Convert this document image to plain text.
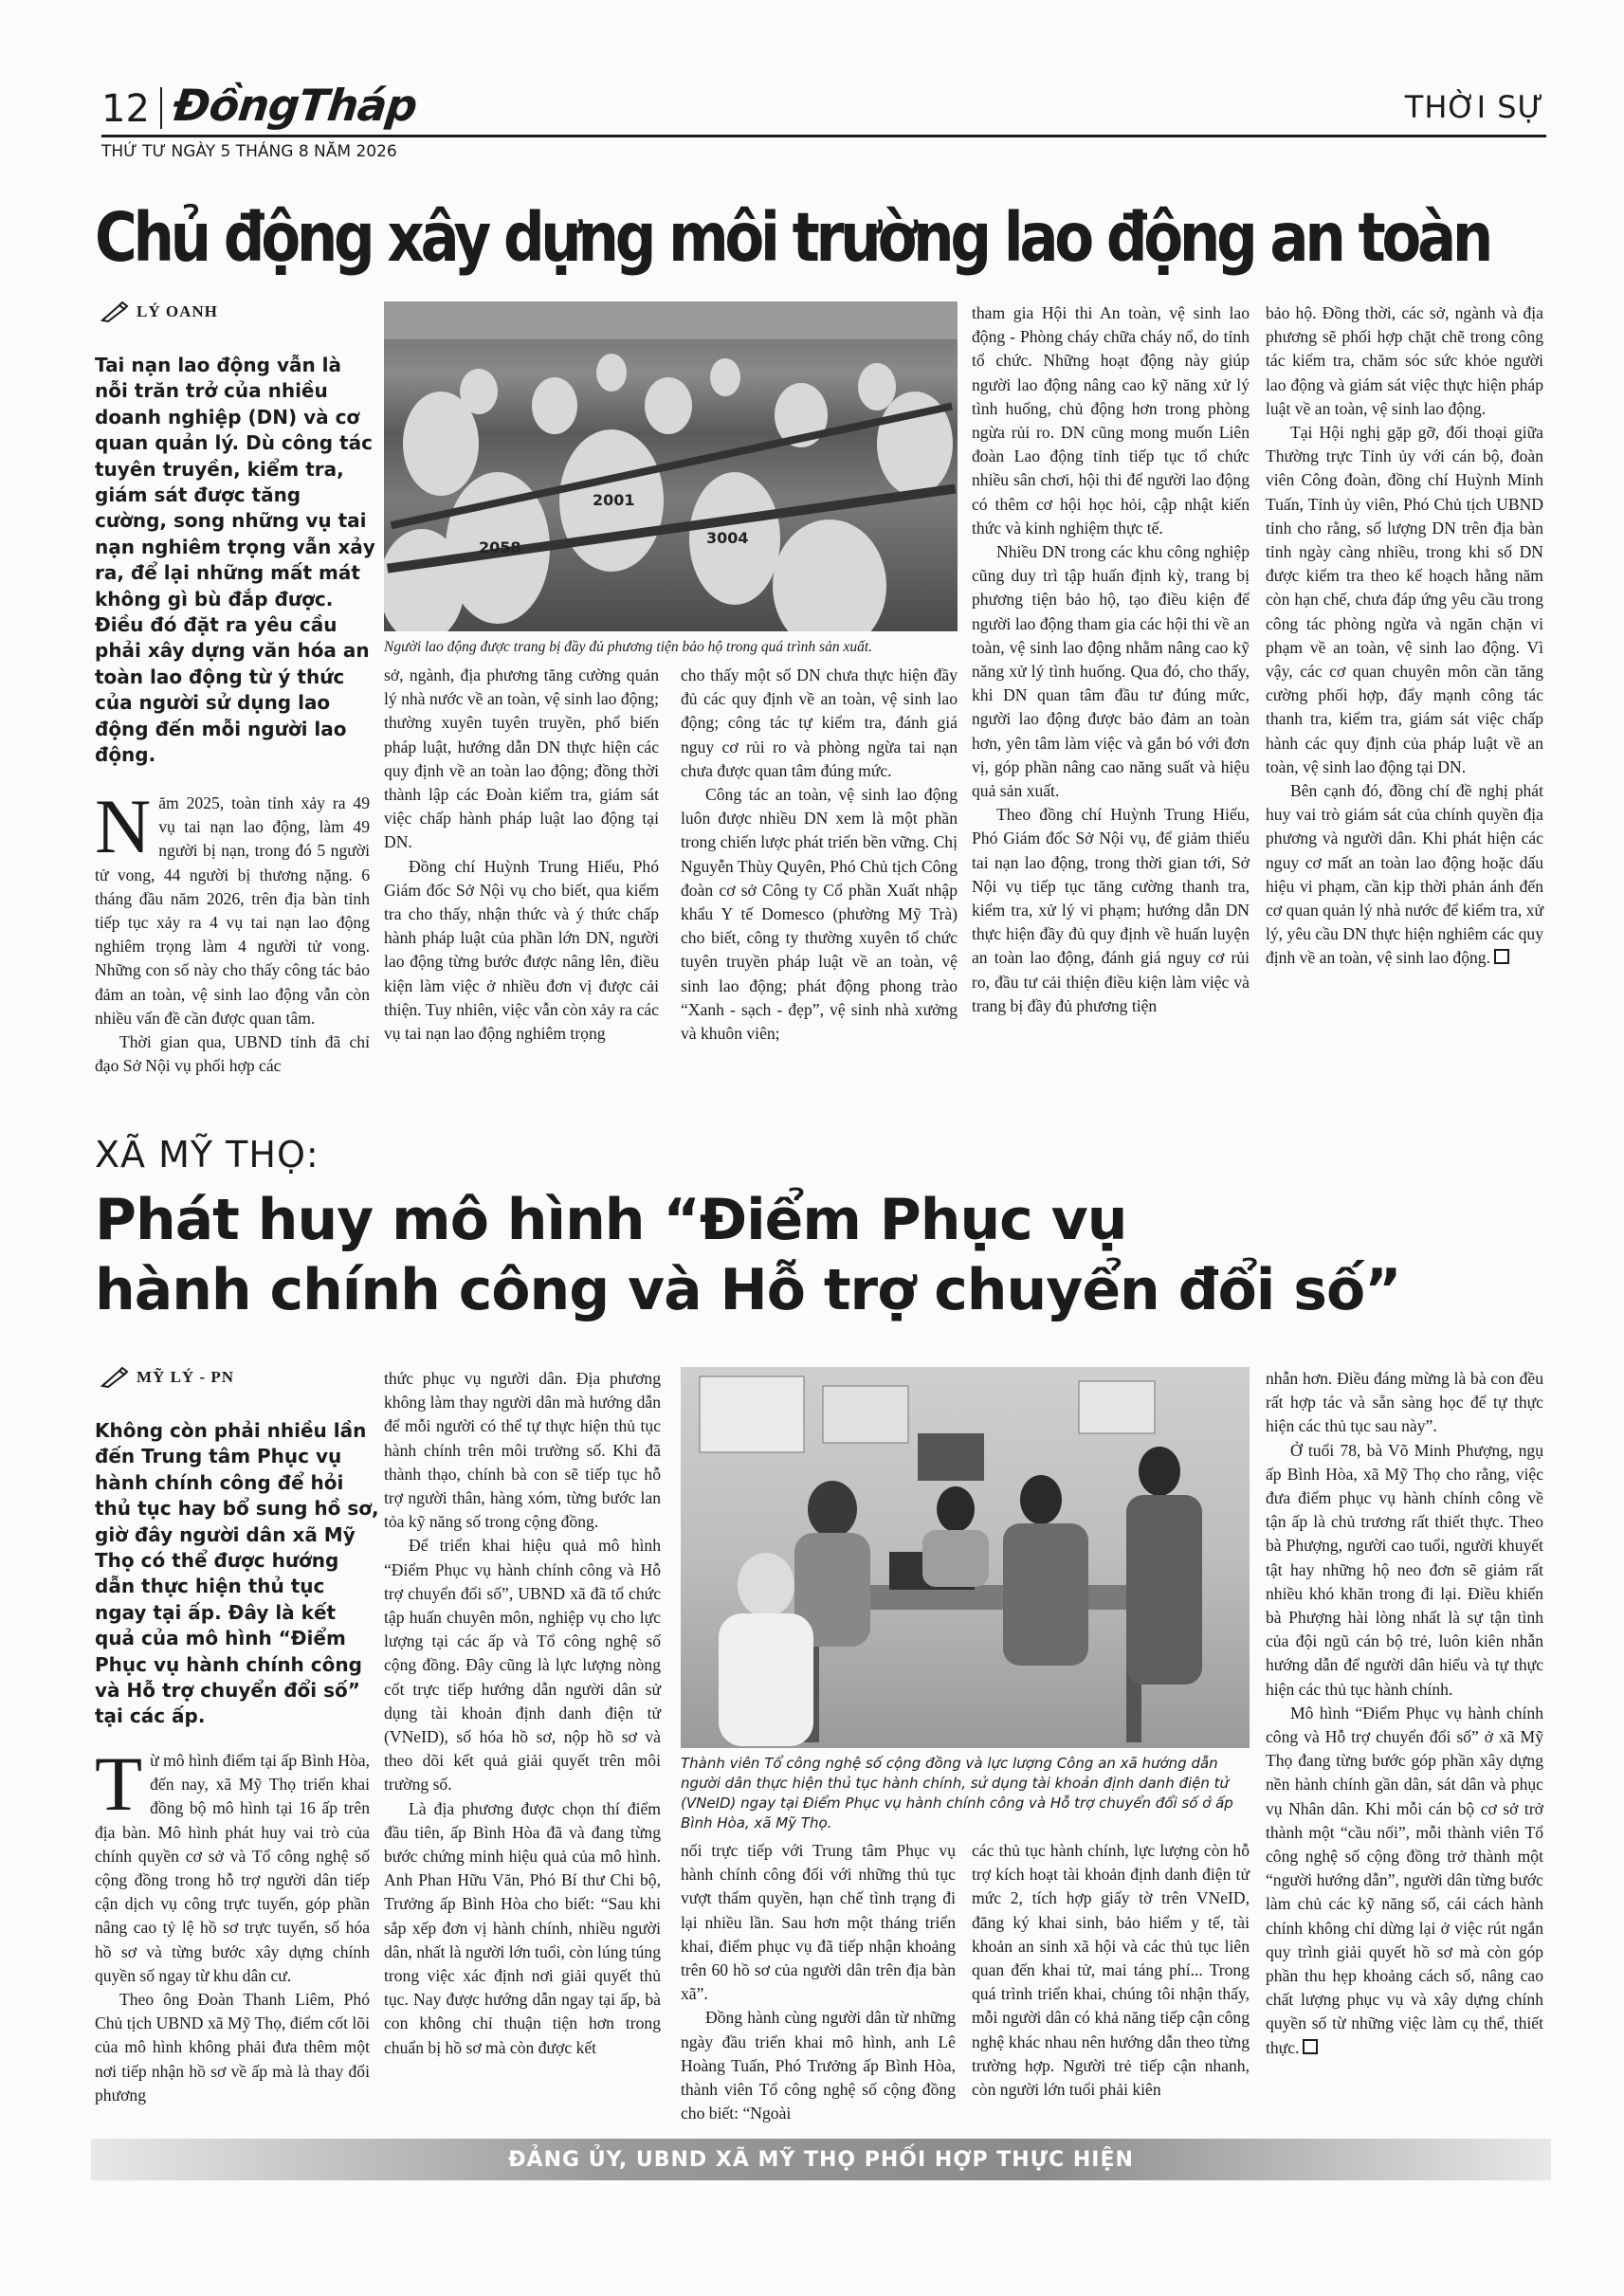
12 ĐồngTháp	THỜI SỰ
THỨ TƯ NGÀY 5 THÁNG 8 NĂM 2026
Chủ động xây dựng môi trường lao động an toàn
LÝ OANH
Tai nạn lao động vẫn là nỗi trăn trở của nhiều doanh nghiệp (DN) và cơ quan quản lý. Dù công tác tuyên truyền, kiểm tra, giám sát được tăng cường, song những vụ tai nạn nghiêm trọng vẫn xảy ra, để lại những mất mát không gì bù đắp được. Điều đó đặt ra yêu cầu phải xây dựng văn hóa an toàn lao động từ ý thức của người sử dụng lao động đến mỗi người lao động.

Năm 2025, toàn tỉnh xảy ra 49 vụ tai nạn lao động, làm 49 người bị nạn, trong đó 5 người tử vong, 44 người bị thương nặng. 6 tháng đầu năm 2026, trên địa bàn tỉnh tiếp tục xảy ra 4 vụ tai nạn lao động nghiêm trọng làm 4 người tử vong. Những con số này cho thấy công tác bảo đảm an toàn, vệ sinh lao động vẫn còn nhiều vấn đề cần được quan tâm.

Thời gian qua, UBND tỉnh đã chỉ đạo Sở Nội vụ phối hợp các

3004
2001
2058
Người lao động được trang bị đầy đủ phương tiện bảo hộ trong quá trình sản xuất.

sở, ngành, địa phương tăng cường quản lý nhà nước về an toàn, vệ sinh lao động; thường xuyên tuyên truyền, phổ biến pháp luật, hướng dẫn DN thực hiện các quy định về an toàn lao động; đồng thời thành lập các Đoàn kiểm tra, giám sát việc chấp hành pháp luật lao động tại DN.

Đồng chí Huỳnh Trung Hiếu, Phó Giám đốc Sở Nội vụ cho biết, qua kiểm tra cho thấy, nhận thức và ý thức chấp hành pháp luật của phần lớn DN, người lao động từng bước được nâng lên, điều kiện làm việc ở nhiều đơn vị được cải thiện. Tuy nhiên, việc vẫn còn xảy ra các vụ tai nạn lao động nghiêm trọng

cho thấy một số DN chưa thực hiện đầy đủ các quy định về an toàn, vệ sinh lao động; công tác tự kiểm tra, đánh giá nguy cơ rủi ro và phòng ngừa tai nạn chưa được quan tâm đúng mức.

Công tác an toàn, vệ sinh lao động luôn được nhiều DN xem là một phần trong chiến lược phát triển bền vững. Chị Nguyễn Thùy Quyên, Phó Chủ tịch Công đoàn cơ sở Công ty Cổ phần Xuất nhập khẩu Y tế Domesco (phường Mỹ Trà) cho biết, công ty thường xuyên tổ chức tuyên truyền pháp luật về an toàn, vệ sinh lao động; phát động phong trào “Xanh - sạch - đẹp”, vệ sinh nhà xưởng và khuôn viên;

tham gia Hội thi An toàn, vệ sinh lao động - Phòng cháy chữa cháy nổ, do tỉnh tổ chức. Những hoạt động này giúp người lao động nâng cao kỹ năng xử lý tình huống, chủ động hơn trong phòng ngừa rủi ro. DN cũng mong muốn Liên đoàn Lao động tỉnh tiếp tục tổ chức nhiều sân chơi, hội thi để người lao động có thêm cơ hội học hỏi, cập nhật kiến thức và kinh nghiệm thực tế.

Nhiều DN trong các khu công nghiệp cũng duy trì tập huấn định kỳ, trang bị phương tiện bảo hộ, tạo điều kiện để người lao động tham gia các hội thi về an toàn, vệ sinh lao động nhằm nâng cao kỹ năng xử lý tình huống. Qua đó, cho thấy, khi DN quan tâm đầu tư đúng mức, người lao động được bảo đảm an toàn hơn, yên tâm làm việc và gắn bó với đơn vị, góp phần nâng cao năng suất và hiệu quả sản xuất.

Theo đồng chí Huỳnh Trung Hiếu, Phó Giám đốc Sở Nội vụ, để giảm thiểu tai nạn lao động, trong thời gian tới, Sở Nội vụ tiếp tục tăng cường thanh tra, kiểm tra, xử lý vi phạm; hướng dẫn DN thực hiện đầy đủ quy định về huấn luyện an toàn lao động, đánh giá nguy cơ rủi ro, đầu tư cải thiện điều kiện làm việc và trang bị đầy đủ phương tiện

bảo hộ. Đồng thời, các sở, ngành và địa phương sẽ phối hợp chặt chẽ trong công tác kiểm tra, chăm sóc sức khỏe người lao động và giám sát việc thực hiện pháp luật về an toàn, vệ sinh lao động.

Tại Hội nghị gặp gỡ, đối thoại giữa Thường trực Tỉnh ủy với cán bộ, đoàn viên Công đoàn, đồng chí Huỳnh Minh Tuấn, Tỉnh ủy viên, Phó Chủ tịch UBND tỉnh cho rằng, số lượng DN trên địa bàn tỉnh ngày càng nhiều, trong khi số DN được kiểm tra theo kế hoạch hằng năm còn hạn chế, chưa đáp ứng yêu cầu trong công tác phòng ngừa và ngăn chặn vi phạm về an toàn, vệ sinh lao động. Vì vậy, các cơ quan chuyên môn cần tăng cường phối hợp, đẩy mạnh công tác thanh tra, kiểm tra, giám sát việc chấp hành các quy định của pháp luật về an toàn, vệ sinh lao động tại DN.

Bên cạnh đó, đồng chí đề nghị phát huy vai trò giám sát của chính quyền địa phương và người dân. Khi phát hiện các nguy cơ mất an toàn lao động hoặc dấu hiệu vi phạm, cần kịp thời phản ánh đến cơ quan quản lý nhà nước để kiểm tra, xử lý, yêu cầu DN thực hiện nghiêm các quy định về an toàn, vệ sinh lao động.

XÃ MỸ THỌ:
Phát huy mô hình “Điểm Phục vụ
hành chính công và Hỗ trợ chuyển đổi số”
MỸ LÝ - PN
Không còn phải nhiều lần đến Trung tâm Phục vụ hành chính công để hỏi thủ tục hay bổ sung hồ sơ, giờ đây người dân xã Mỹ Thọ có thể được hướng dẫn thực hiện thủ tục ngay tại ấp. Đây là kết quả của mô hình “Điểm Phục vụ hành chính công và Hỗ trợ chuyển đổi số” tại các ấp.

Từ mô hình điểm tại ấp Bình Hòa, đến nay, xã Mỹ Thọ triển khai đồng bộ mô hình tại 16 ấp trên địa bàn. Mô hình phát huy vai trò của chính quyền cơ sở và Tổ công nghệ số cộng đồng trong hỗ trợ người dân tiếp cận dịch vụ công trực tuyến, góp phần nâng cao tỷ lệ hồ sơ trực tuyến, số hóa hồ sơ và từng bước xây dựng chính quyền số ngay từ khu dân cư.

Theo ông Đoàn Thanh Liêm, Phó Chủ tịch UBND xã Mỹ Thọ, điểm cốt lõi của mô hình không phải đưa thêm một nơi tiếp nhận hồ sơ về ấp mà là thay đổi phương

thức phục vụ người dân. Địa phương không làm thay người dân mà hướng dẫn để mỗi người có thể tự thực hiện thủ tục hành chính trên môi trường số. Khi đã thành thạo, chính bà con sẽ tiếp tục hỗ trợ người thân, hàng xóm, từng bước lan tỏa kỹ năng số trong cộng đồng.

Để triển khai hiệu quả mô hình “Điểm Phục vụ hành chính công và Hỗ trợ chuyển đổi số”, UBND xã đã tổ chức tập huấn chuyên môn, nghiệp vụ cho lực lượng tại các ấp và Tổ công nghệ số cộng đồng. Đây cũng là lực lượng nòng cốt trực tiếp hướng dẫn người dân sử dụng tài khoản định danh điện tử (VNeID), số hóa hồ sơ, nộp hồ sơ và theo dõi kết quả giải quyết trên môi trường số.

Là địa phương được chọn thí điểm đầu tiên, ấp Bình Hòa đã và đang từng bước chứng minh hiệu quả của mô hình. Anh Phan Hữu Văn, Phó Bí thư Chi bộ, Trưởng ấp Bình Hòa cho biết: “Sau khi sắp xếp đơn vị hành chính, nhiều người dân, nhất là người lớn tuổi, còn lúng túng trong việc xác định nơi giải quyết thủ tục. Nay được hướng dẫn ngay tại ấp, bà con không chỉ thuận tiện hơn trong chuẩn bị hồ sơ mà còn được kết

Thành viên Tổ công nghệ số cộng đồng và lực lượng Công an xã hướng dẫn người dân thực hiện thủ tục hành chính, sử dụng tài khoản định danh điện tử (VNeID) ngay tại Điểm Phục vụ hành chính công và Hỗ trợ chuyển đổi số ở ấp Bình Hòa, xã Mỹ Thọ.

nối trực tiếp với Trung tâm Phục vụ hành chính công đối với những thủ tục vượt thẩm quyền, hạn chế tình trạng đi lại nhiều lần. Sau hơn một tháng triển khai, điểm phục vụ đã tiếp nhận khoảng trên 60 hồ sơ của người dân trên địa bàn xã”.

Đồng hành cùng người dân từ những ngày đầu triển khai mô hình, anh Lê Hoàng Tuấn, Phó Trưởng ấp Bình Hòa, thành viên Tổ công nghệ số cộng đồng cho biết: “Ngoài

các thủ tục hành chính, lực lượng còn hỗ trợ kích hoạt tài khoản định danh điện tử mức 2, tích hợp giấy tờ trên VNeID, đăng ký khai sinh, bảo hiểm y tế, tài khoản an sinh xã hội và các thủ tục liên quan đến khai tử, mai táng phí... Trong quá trình triển khai, chúng tôi nhận thấy, mỗi người dân có khả năng tiếp cận công nghệ khác nhau nên hướng dẫn theo từng trường hợp. Người trẻ tiếp cận nhanh, còn người lớn tuổi phải kiên

nhẫn hơn. Điều đáng mừng là bà con đều rất hợp tác và sẵn sàng học để tự thực hiện các thủ tục sau này”.

Ở tuổi 78, bà Võ Minh Phượng, ngụ ấp Bình Hòa, xã Mỹ Thọ cho rằng, việc đưa điểm phục vụ hành chính công về tận ấp là chủ trương rất thiết thực. Theo bà Phượng, người cao tuổi, người khuyết tật hay những hộ neo đơn sẽ giảm rất nhiều khó khăn trong đi lại. Điều khiến bà Phượng hài lòng nhất là sự tận tình của đội ngũ cán bộ trẻ, luôn kiên nhẫn hướng dẫn để người dân hiểu và tự thực hiện các thủ tục hành chính.

Mô hình “Điểm Phục vụ hành chính công và Hỗ trợ chuyển đổi số” ở xã Mỹ Thọ đang từng bước góp phần xây dựng nền hành chính gần dân, sát dân và phục vụ Nhân dân. Khi mỗi cán bộ cơ sở trở thành một “cầu nối”, mỗi thành viên Tổ công nghệ số cộng đồng trở thành một “người hướng dẫn”, người dân từng bước làm chủ các kỹ năng số, cái cách hành chính không chỉ dừng lại ở việc rút ngắn quy trình giải quyết hồ sơ mà còn góp phần thu hẹp khoảng cách số, nâng cao chất lượng phục vụ và xây dựng chính quyền số từ những việc làm cụ thể, thiết thực.

ĐẢNG ỦY, UBND XÃ MỸ THỌ PHỐI HỢP THỰC HIỆN
